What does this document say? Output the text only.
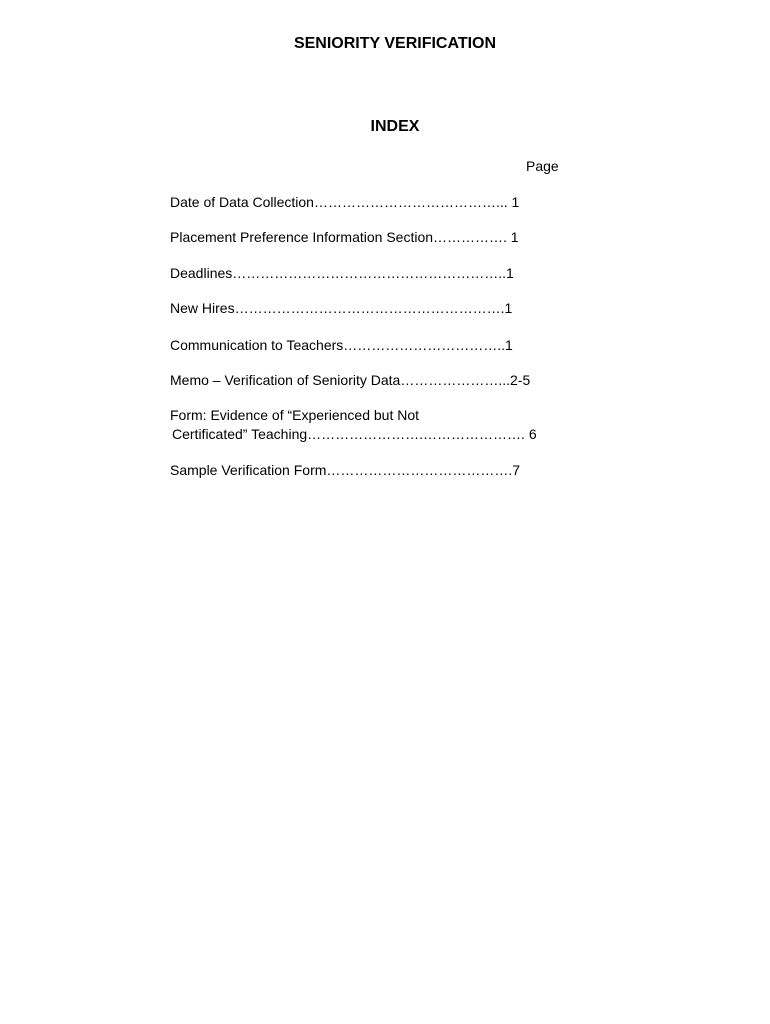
SENIORITY VERIFICATION
INDEX
Page
Date of Data Collection…………………………………... 1
Placement Preference Information Section……………. 1
Deadlines…………………………………………………..1
New Hires………………………………………………….1
Communication to Teachers……………………………..1
Memo – Verification of Seniority Data…………………...2-5
Form: Evidence of “Experienced but Not
Certificated” Teaching…………………….…………………. 6
Sample Verification Form………………………………….7
